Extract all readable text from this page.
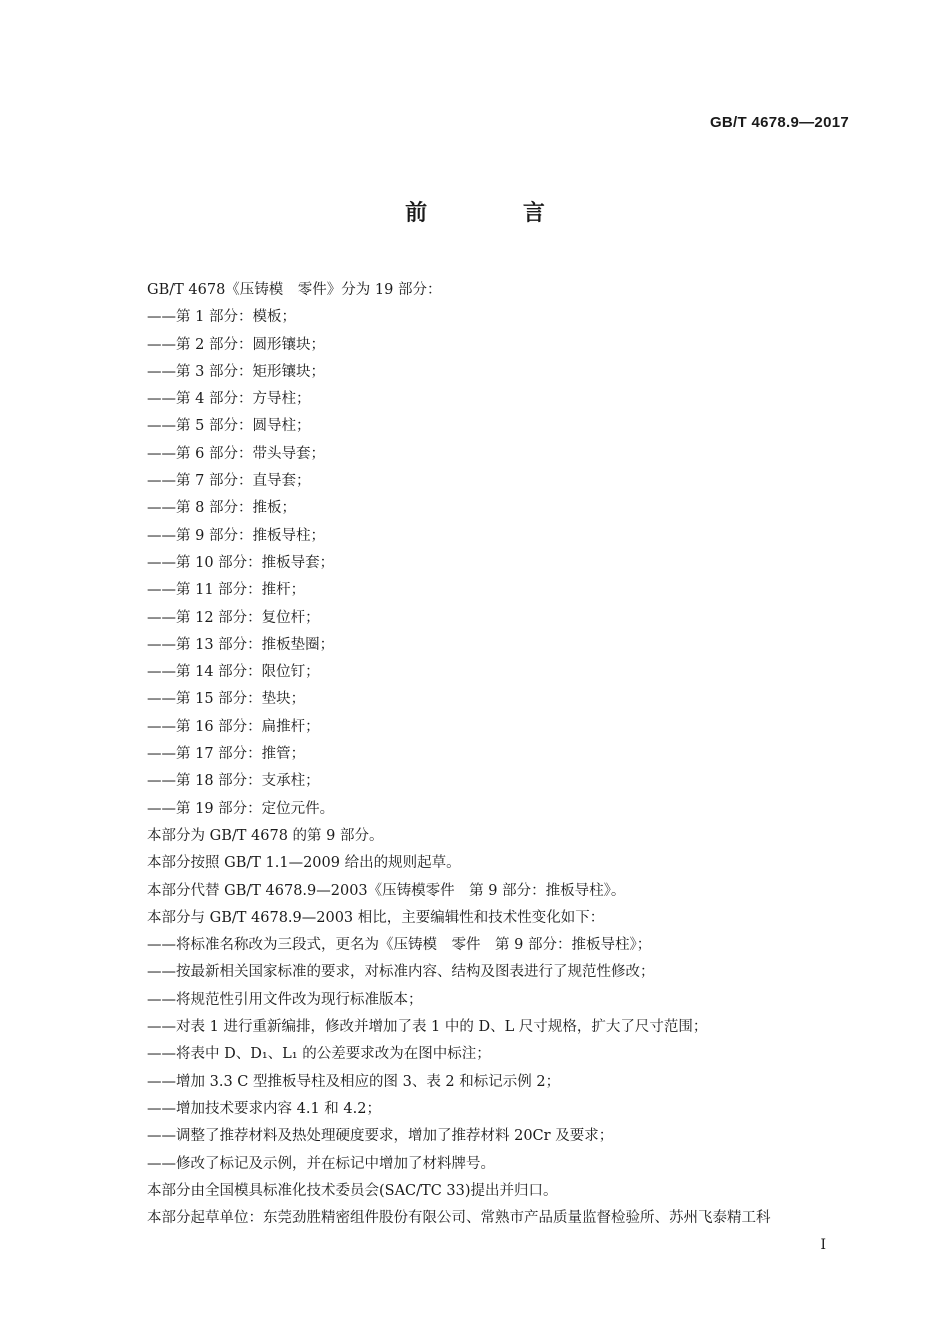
GB/T 4678.9—2017
前 言
GB/T 4678《压铸模　零件》分为 19 部分：
——第 1 部分：模板；
——第 2 部分：圆形镶块；
——第 3 部分：矩形镶块；
——第 4 部分：方导柱；
——第 5 部分：圆导柱；
——第 6 部分：带头导套；
——第 7 部分：直导套；
——第 8 部分：推板；
——第 9 部分：推板导柱；
——第 10 部分：推板导套；
——第 11 部分：推杆；
——第 12 部分：复位杆；
——第 13 部分：推板垫圈；
——第 14 部分：限位钉；
——第 15 部分：垫块；
——第 16 部分：扁推杆；
——第 17 部分：推管；
——第 18 部分：支承柱；
——第 19 部分：定位元件。
本部分为 GB/T 4678 的第 9 部分。
本部分按照 GB/T 1.1—2009 给出的规则起草。
本部分代替 GB/T 4678.9—2003《压铸模零件　第 9 部分：推板导柱》。
本部分与 GB/T 4678.9—2003 相比，主要编辑性和技术性变化如下：
——将标准名称改为三段式，更名为《压铸模　零件　第 9 部分：推板导柱》；
——按最新相关国家标准的要求，对标准内容、结构及图表进行了规范性修改；
——将规范性引用文件改为现行标准版本；
——对表 1 进行重新编排，修改并增加了表 1 中的 D、L 尺寸规格，扩大了尺寸范围；
——将表中 D、D₁、L₁ 的公差要求改为在图中标注；
——增加 3.3 C 型推板导柱及相应的图 3、表 2 和标记示例 2；
——增加技术要求内容 4.1 和 4.2；
——调整了推荐材料及热处理硬度要求，增加了推荐材料 20Cr 及要求；
——修改了标记及示例，并在标记中增加了材料牌号。
本部分由全国模具标准化技术委员会(SAC/TC 33)提出并归口。
本部分起草单位：东莞劲胜精密组件股份有限公司、常熟市产品质量监督检验所、苏州飞泰精工科
I
